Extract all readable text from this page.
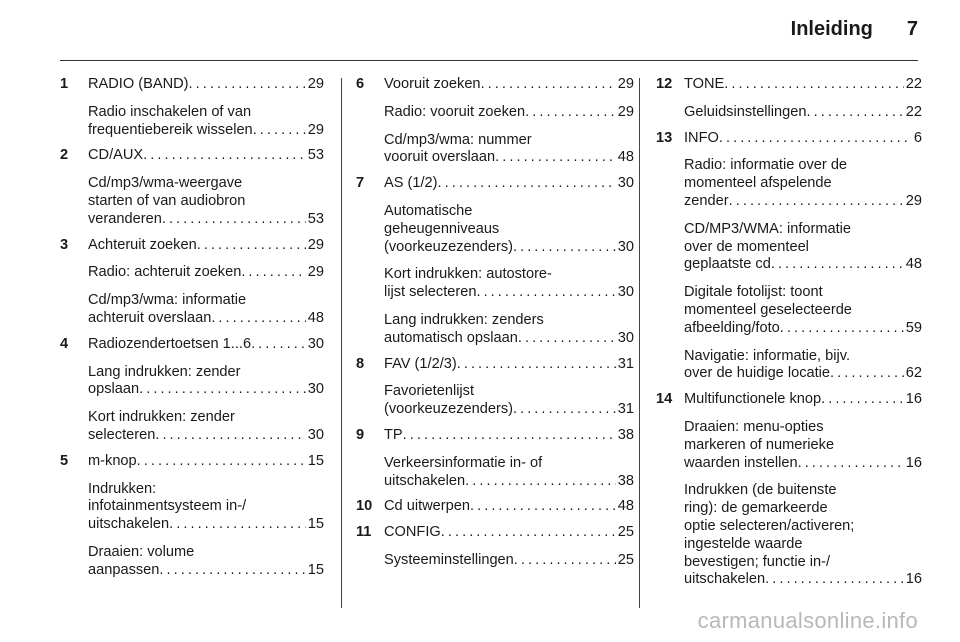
Inleiding 7
1	RADIO (BAND) . . .	29
Radio inschakelen of van
frequentiebereik wisselen . . .	29
2	CD/AUX . . .	53
Cd/mp3/wma-weergave
starten of van audiobron
veranderen . . .	53
3	Achteruit zoeken . . .	29
Radio: achteruit zoeken . . .	29
Cd/mp3/wma: informatie
achteruit overslaan . . .	48
4	Radiozendertoetsen 1...6 . . .	30
Lang indrukken: zender
opslaan . . .	30
Kort indrukken: zender
selecteren . . .	30
5	m-knop . . .	15
Indrukken:
infotainmentsysteem in-/
uitschakelen . . .	15
Draaien: volume
aanpassen . . .	15
6	Vooruit zoeken . . .	29
Radio: vooruit zoeken . . .	29
Cd/mp3/wma: nummer
vooruit overslaan . . .	48
7	AS (1/2) . . .	30
Automatische
geheugenniveaus
(voorkeuzezenders) . . .	30
Kort indrukken: autostore-
lijst selecteren . . .	30
Lang indrukken: zenders
automatisch opslaan . . .	30
8	FAV (1/2/3) . . .	31
Favorietenlijst
(voorkeuzezenders) . . .	31
9	TP . . .	38
Verkeersinformatie in- of
uitschakelen . . .	38
10 Cd uitwerpen . . .	48
11 CONFIG . . .	25
Systeeminstellingen . . .	25
12 TONE . . .	22
Geluidsinstellingen . . .	22
13 INFO . . .	6
Radio: informatie over de
momenteel afspelende
zender . . .	29
CD/MP3/WMA: informatie
over de momenteel
geplaatste cd . . .	48
Digitale fotolijst: toont
momenteel geselecteerde
afbeelding/foto . . .	59
Navigatie: informatie, bijv.
over de huidige locatie . . .	62
14 Multifunctionele knop . . .	16
Draaien: menu-opties
markeren of numerieke
waarden instellen . . .	16
Indrukken (de buitenste
ring): de gemarkeerde
optie selecteren/activeren;
ingestelde waarde
bevestigen; functie in-/
uitschakelen . . .	16
carmanualsonline.info
